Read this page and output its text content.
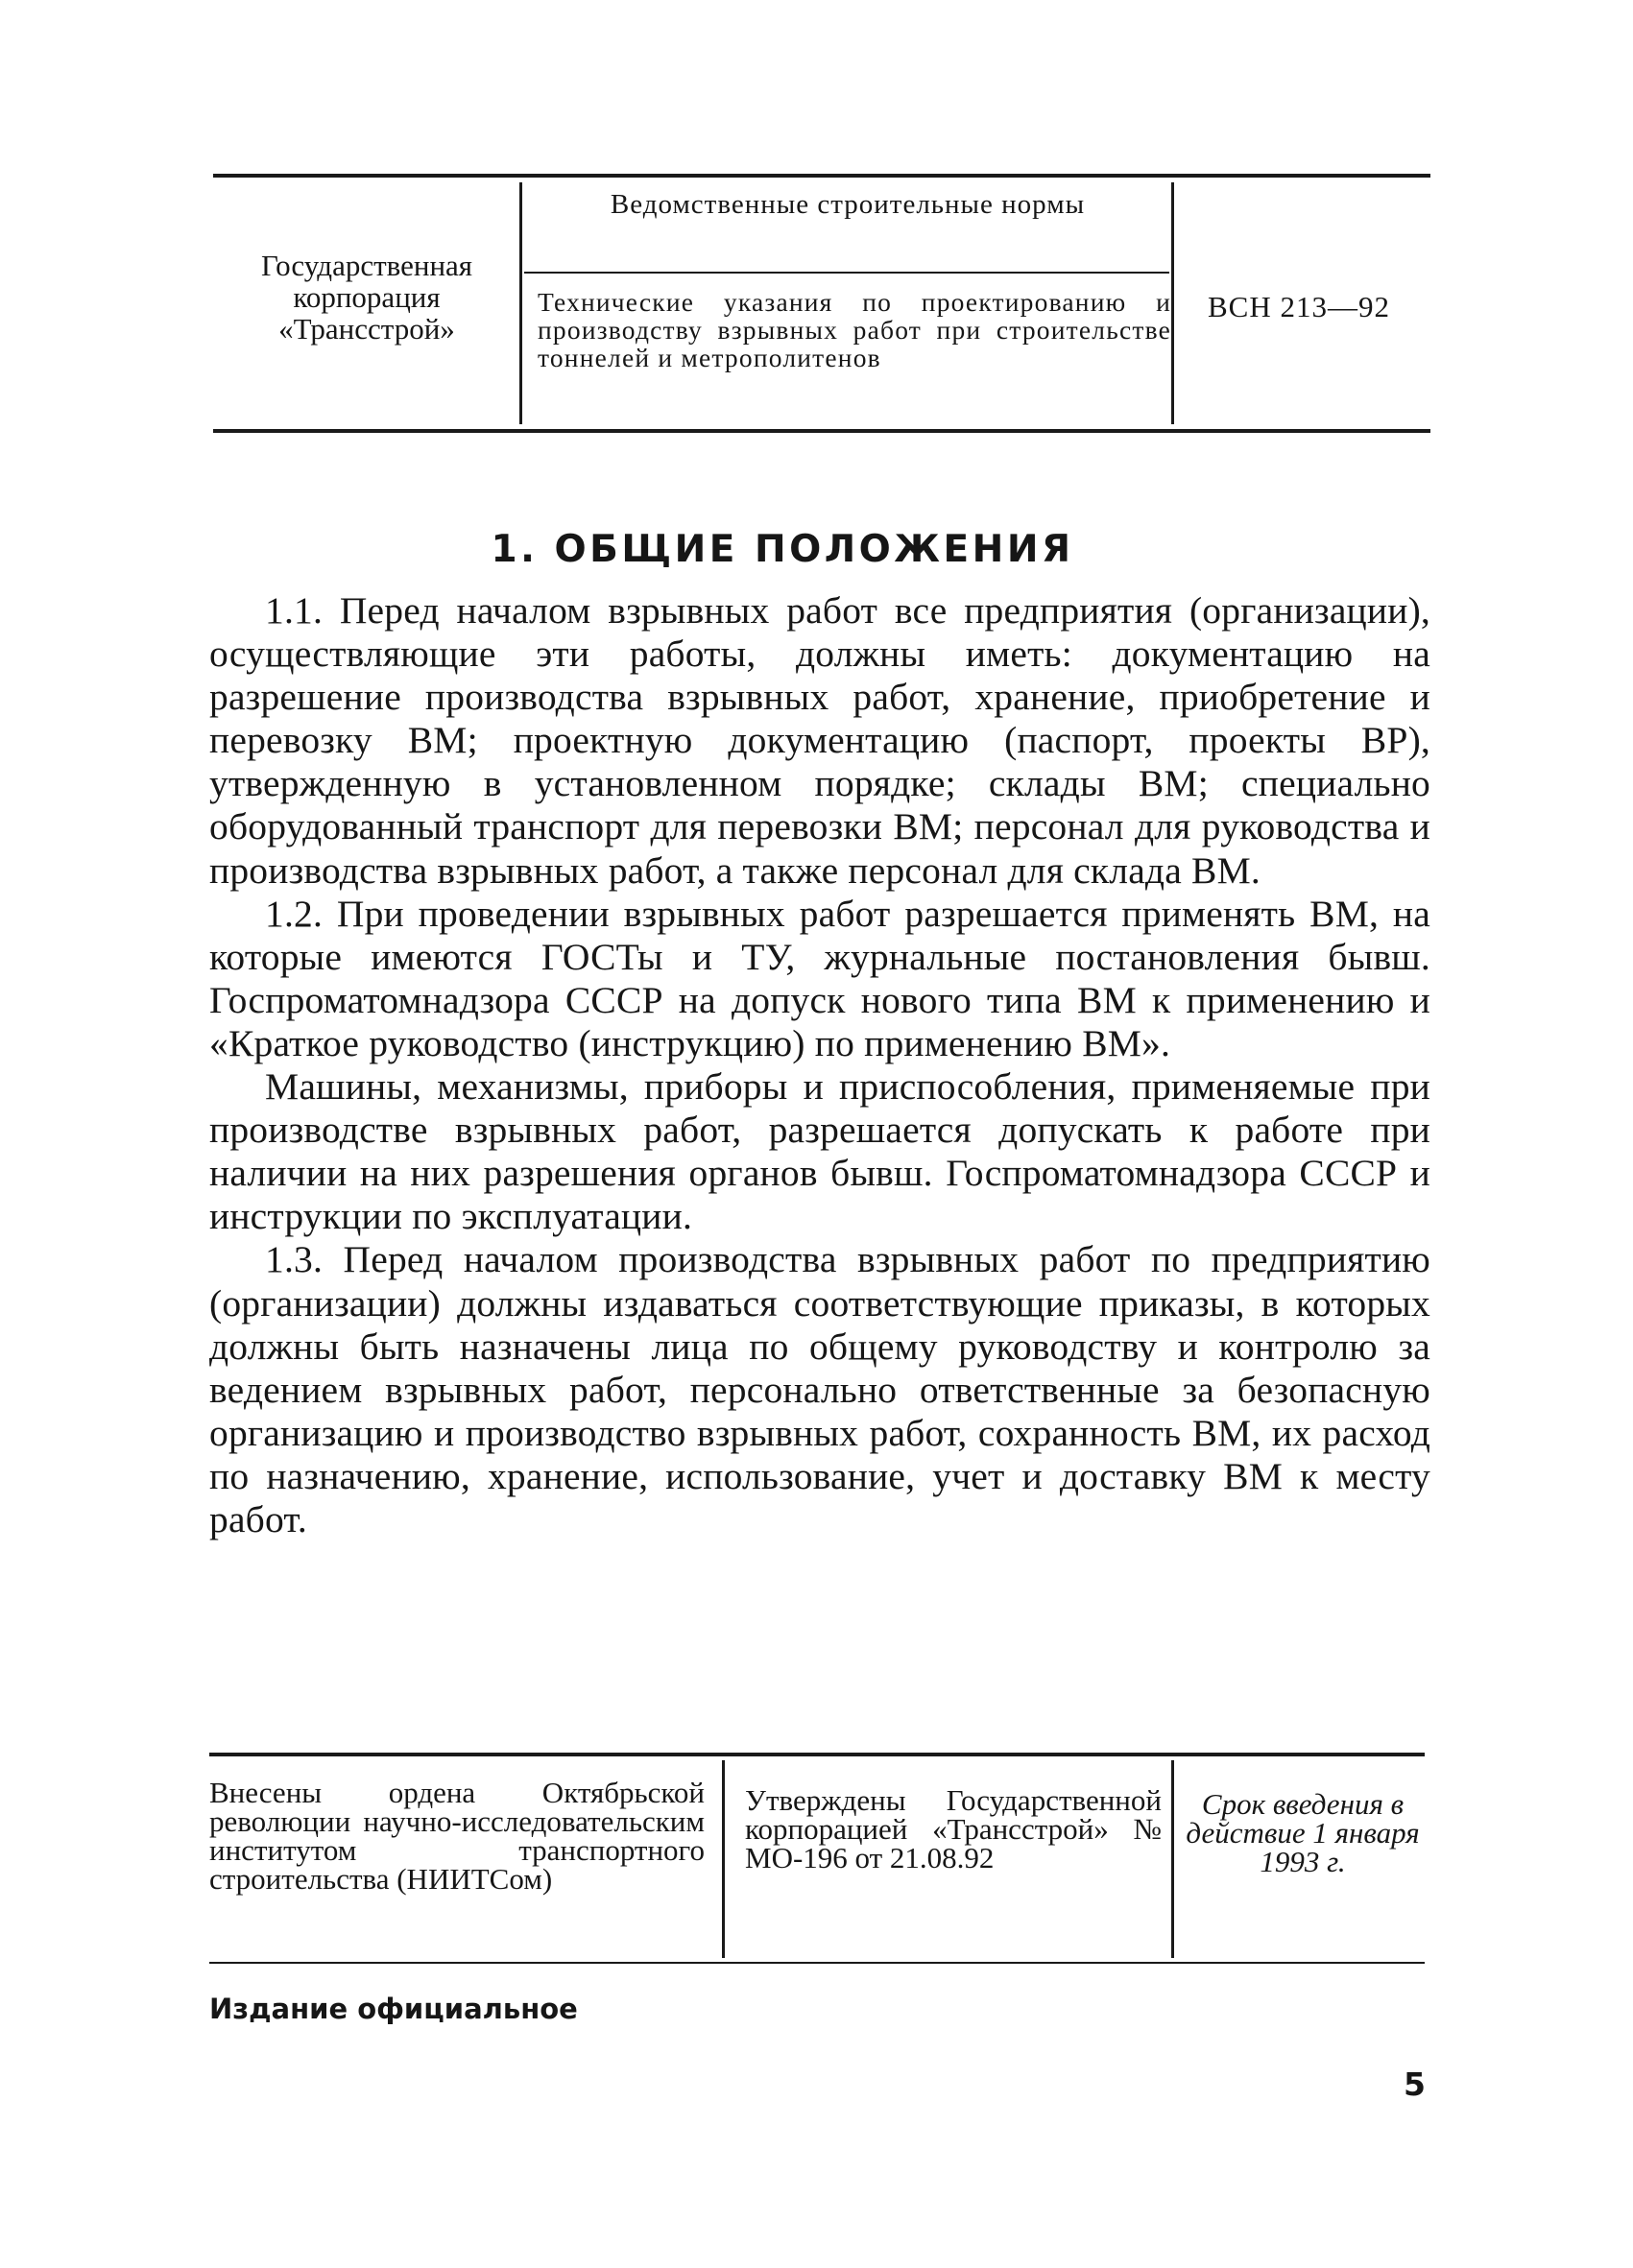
Государственная корпорация «Трансстрой»
Ведомственные строительные нормы
Технические указания по проектированию и производству взрывных работ при строительстве тоннелей и метрополитенов
ВСН 213—92
1. ОБЩИЕ ПОЛОЖЕНИЯ

1.1. Перед началом взрывных работ все предприятия (организации), осуществляющие эти работы, должны иметь: документацию на разрешение производства взрывных работ, хранение, приобретение и перевозку ВМ; проектную документацию (паспорт, проекты ВР), утвержденную в установленном порядке; склады ВМ; специально оборудованный транспорт для перевозки ВМ; персонал для руководства и производства взрывных работ, а также персонал для склада ВМ.

1.2. При проведении взрывных работ разрешается применять ВМ, на которые имеются ГОСТы и ТУ, журнальные постановления бывш. Госпроматомнадзора СССР на допуск нового типа ВМ к применению и «Краткое руководство (инструкцию) по применению ВМ».

Машины, механизмы, приборы и приспособления, применяемые при производстве взрывных работ, разрешается допускать к работе при наличии на них разрешения органов бывш. Госпроматомнадзора СССР и инструкции по эксплуатации.

1.3. Перед началом производства взрывных работ по предприятию (организации) должны издаваться соответствующие приказы, в которых должны быть назначены лица по общему руководству и контролю за ведением взрывных работ, персонально ответственные за безопасную организацию и производство взрывных работ, сохранность ВМ, их расход по назначению, хранение, использование, учет и доставку ВМ к месту работ.

Внесены ордена Октябрьской революции научно-исследовательским институтом транспортного строительства (НИИТСом)
Утверждены Государственной корпорацией «Трансстрой» № МО-196 от 21.08.92
Срок введения в действие 1 января 1993 г.
Издание официальное
5
